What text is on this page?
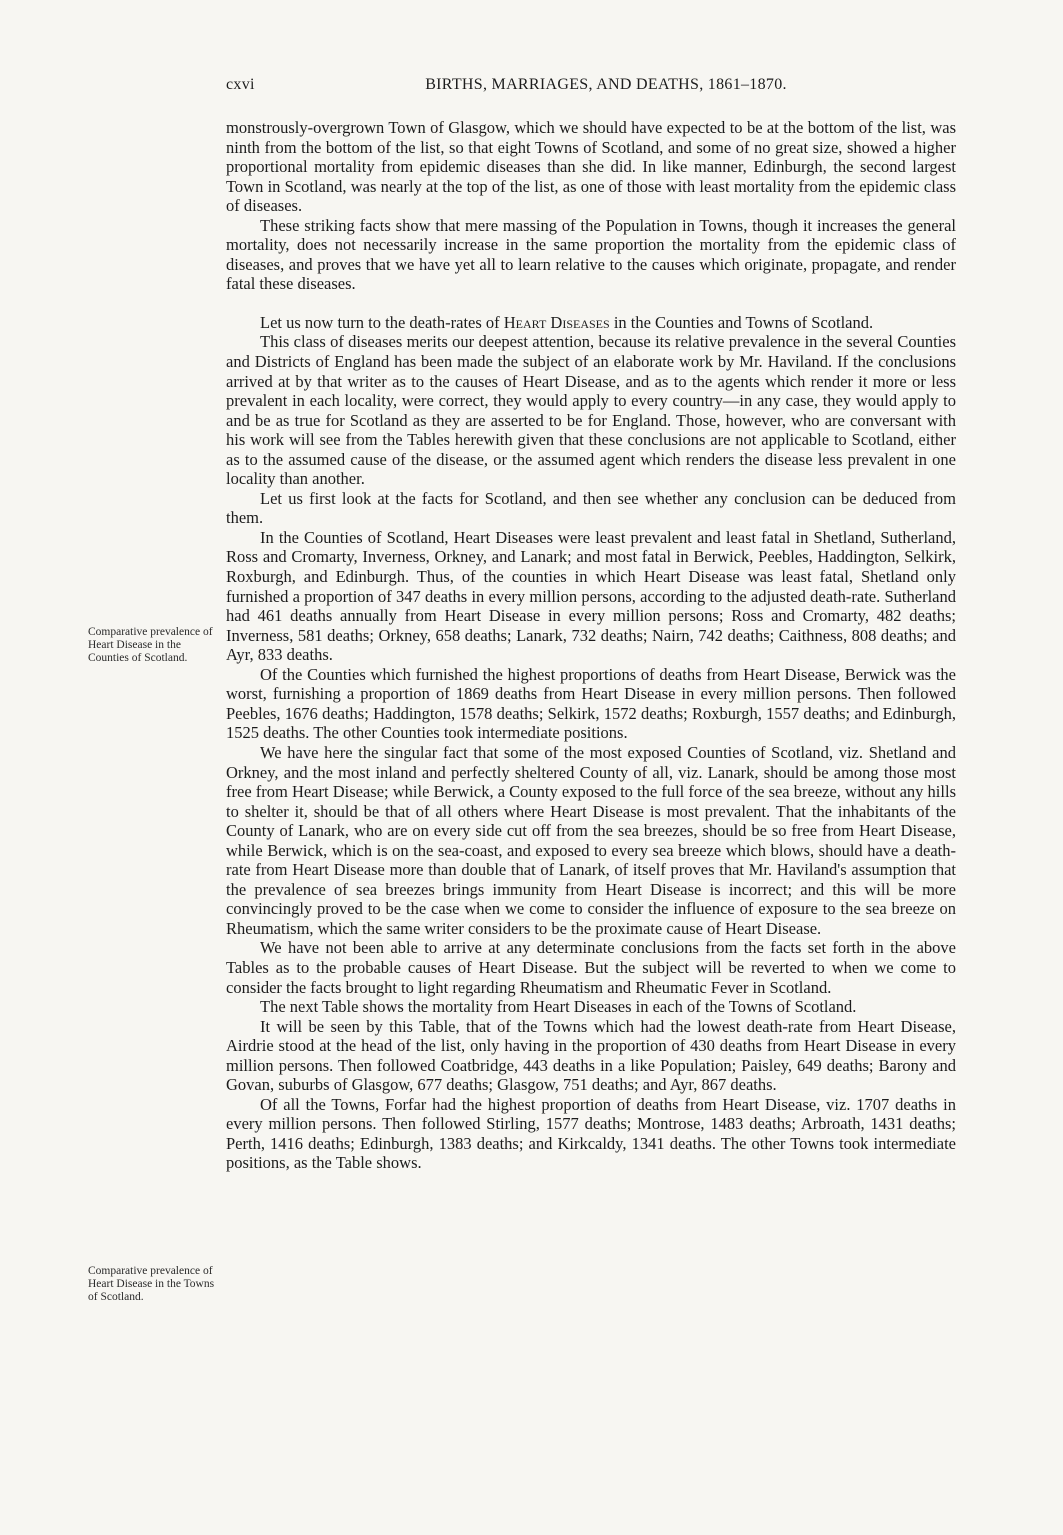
cxvi	BIRTHS, MARRIAGES, AND DEATHS, 1861–1870.
Comparative prevalence of Heart Disease in the Counties of Scotland.
Comparative prevalence of Heart Disease in the Towns of Scotland.

monstrously-overgrown Town of Glasgow, which we should have expected to be at the bottom of the list, was ninth from the bottom of the list, so that eight Towns of Scotland, and some of no great size, showed a higher proportional mortality from epidemic diseases than she did. In like manner, Edinburgh, the second largest Town in Scotland, was nearly at the top of the list, as one of those with least mortality from the epidemic class of diseases.

These striking facts show that mere massing of the Population in Towns, though it increases the general mortality, does not necessarily increase in the same proportion the mortality from the epidemic class of diseases, and proves that we have yet all to learn relative to the causes which originate, propagate, and render fatal these diseases.

Let us now turn to the death-rates of Heart Diseases in the Counties and Towns of Scotland.

This class of diseases merits our deepest attention, because its relative prevalence in the several Counties and Districts of England has been made the subject of an elaborate work by Mr. Haviland. If the conclusions arrived at by that writer as to the causes of Heart Disease, and as to the agents which render it more or less prevalent in each locality, were correct, they would apply to every country—in any case, they would apply to and be as true for Scotland as they are asserted to be for England. Those, however, who are conversant with his work will see from the Tables herewith given that these conclusions are not applicable to Scotland, either as to the assumed cause of the disease, or the assumed agent which renders the disease less prevalent in one locality than another.

Let us first look at the facts for Scotland, and then see whether any conclusion can be deduced from them.

In the Counties of Scotland, Heart Diseases were least prevalent and least fatal in Shetland, Sutherland, Ross and Cromarty, Inverness, Orkney, and Lanark; and most fatal in Berwick, Peebles, Haddington, Selkirk, Roxburgh, and Edinburgh. Thus, of the counties in which Heart Disease was least fatal, Shetland only furnished a proportion of 347 deaths in every million persons, according to the adjusted death-rate. Sutherland had 461 deaths annually from Heart Disease in every million persons; Ross and Cromarty, 482 deaths; Inverness, 581 deaths; Orkney, 658 deaths; Lanark, 732 deaths; Nairn, 742 deaths; Caithness, 808 deaths; and Ayr, 833 deaths.

Of the Counties which furnished the highest proportions of deaths from Heart Disease, Berwick was the worst, furnishing a proportion of 1869 deaths from Heart Disease in every million persons. Then followed Peebles, 1676 deaths; Haddington, 1578 deaths; Selkirk, 1572 deaths; Roxburgh, 1557 deaths; and Edinburgh, 1525 deaths. The other Counties took intermediate positions.

We have here the singular fact that some of the most exposed Counties of Scotland, viz. Shetland and Orkney, and the most inland and perfectly sheltered County of all, viz. Lanark, should be among those most free from Heart Disease; while Berwick, a County exposed to the full force of the sea breeze, without any hills to shelter it, should be that of all others where Heart Disease is most prevalent. That the inhabitants of the County of Lanark, who are on every side cut off from the sea breezes, should be so free from Heart Disease, while Berwick, which is on the sea-coast, and exposed to every sea breeze which blows, should have a death-rate from Heart Disease more than double that of Lanark, of itself proves that Mr. Haviland's assumption that the prevalence of sea breezes brings immunity from Heart Disease is incorrect; and this will be more convincingly proved to be the case when we come to consider the influence of exposure to the sea breeze on Rheumatism, which the same writer considers to be the proximate cause of Heart Disease.

We have not been able to arrive at any determinate conclusions from the facts set forth in the above Tables as to the probable causes of Heart Disease. But the subject will be reverted to when we come to consider the facts brought to light regarding Rheumatism and Rheumatic Fever in Scotland.

The next Table shows the mortality from Heart Diseases in each of the Towns of Scotland.

It will be seen by this Table, that of the Towns which had the lowest death-rate from Heart Disease, Airdrie stood at the head of the list, only having in the proportion of 430 deaths from Heart Disease in every million persons. Then followed Coatbridge, 443 deaths in a like Population; Paisley, 649 deaths; Barony and Govan, suburbs of Glasgow, 677 deaths; Glasgow, 751 deaths; and Ayr, 867 deaths.

Of all the Towns, Forfar had the highest proportion of deaths from Heart Disease, viz. 1707 deaths in every million persons. Then followed Stirling, 1577 deaths; Montrose, 1483 deaths; Arbroath, 1431 deaths; Perth, 1416 deaths; Edinburgh, 1383 deaths; and Kirkcaldy, 1341 deaths. The other Towns took intermediate positions, as the Table shows.
